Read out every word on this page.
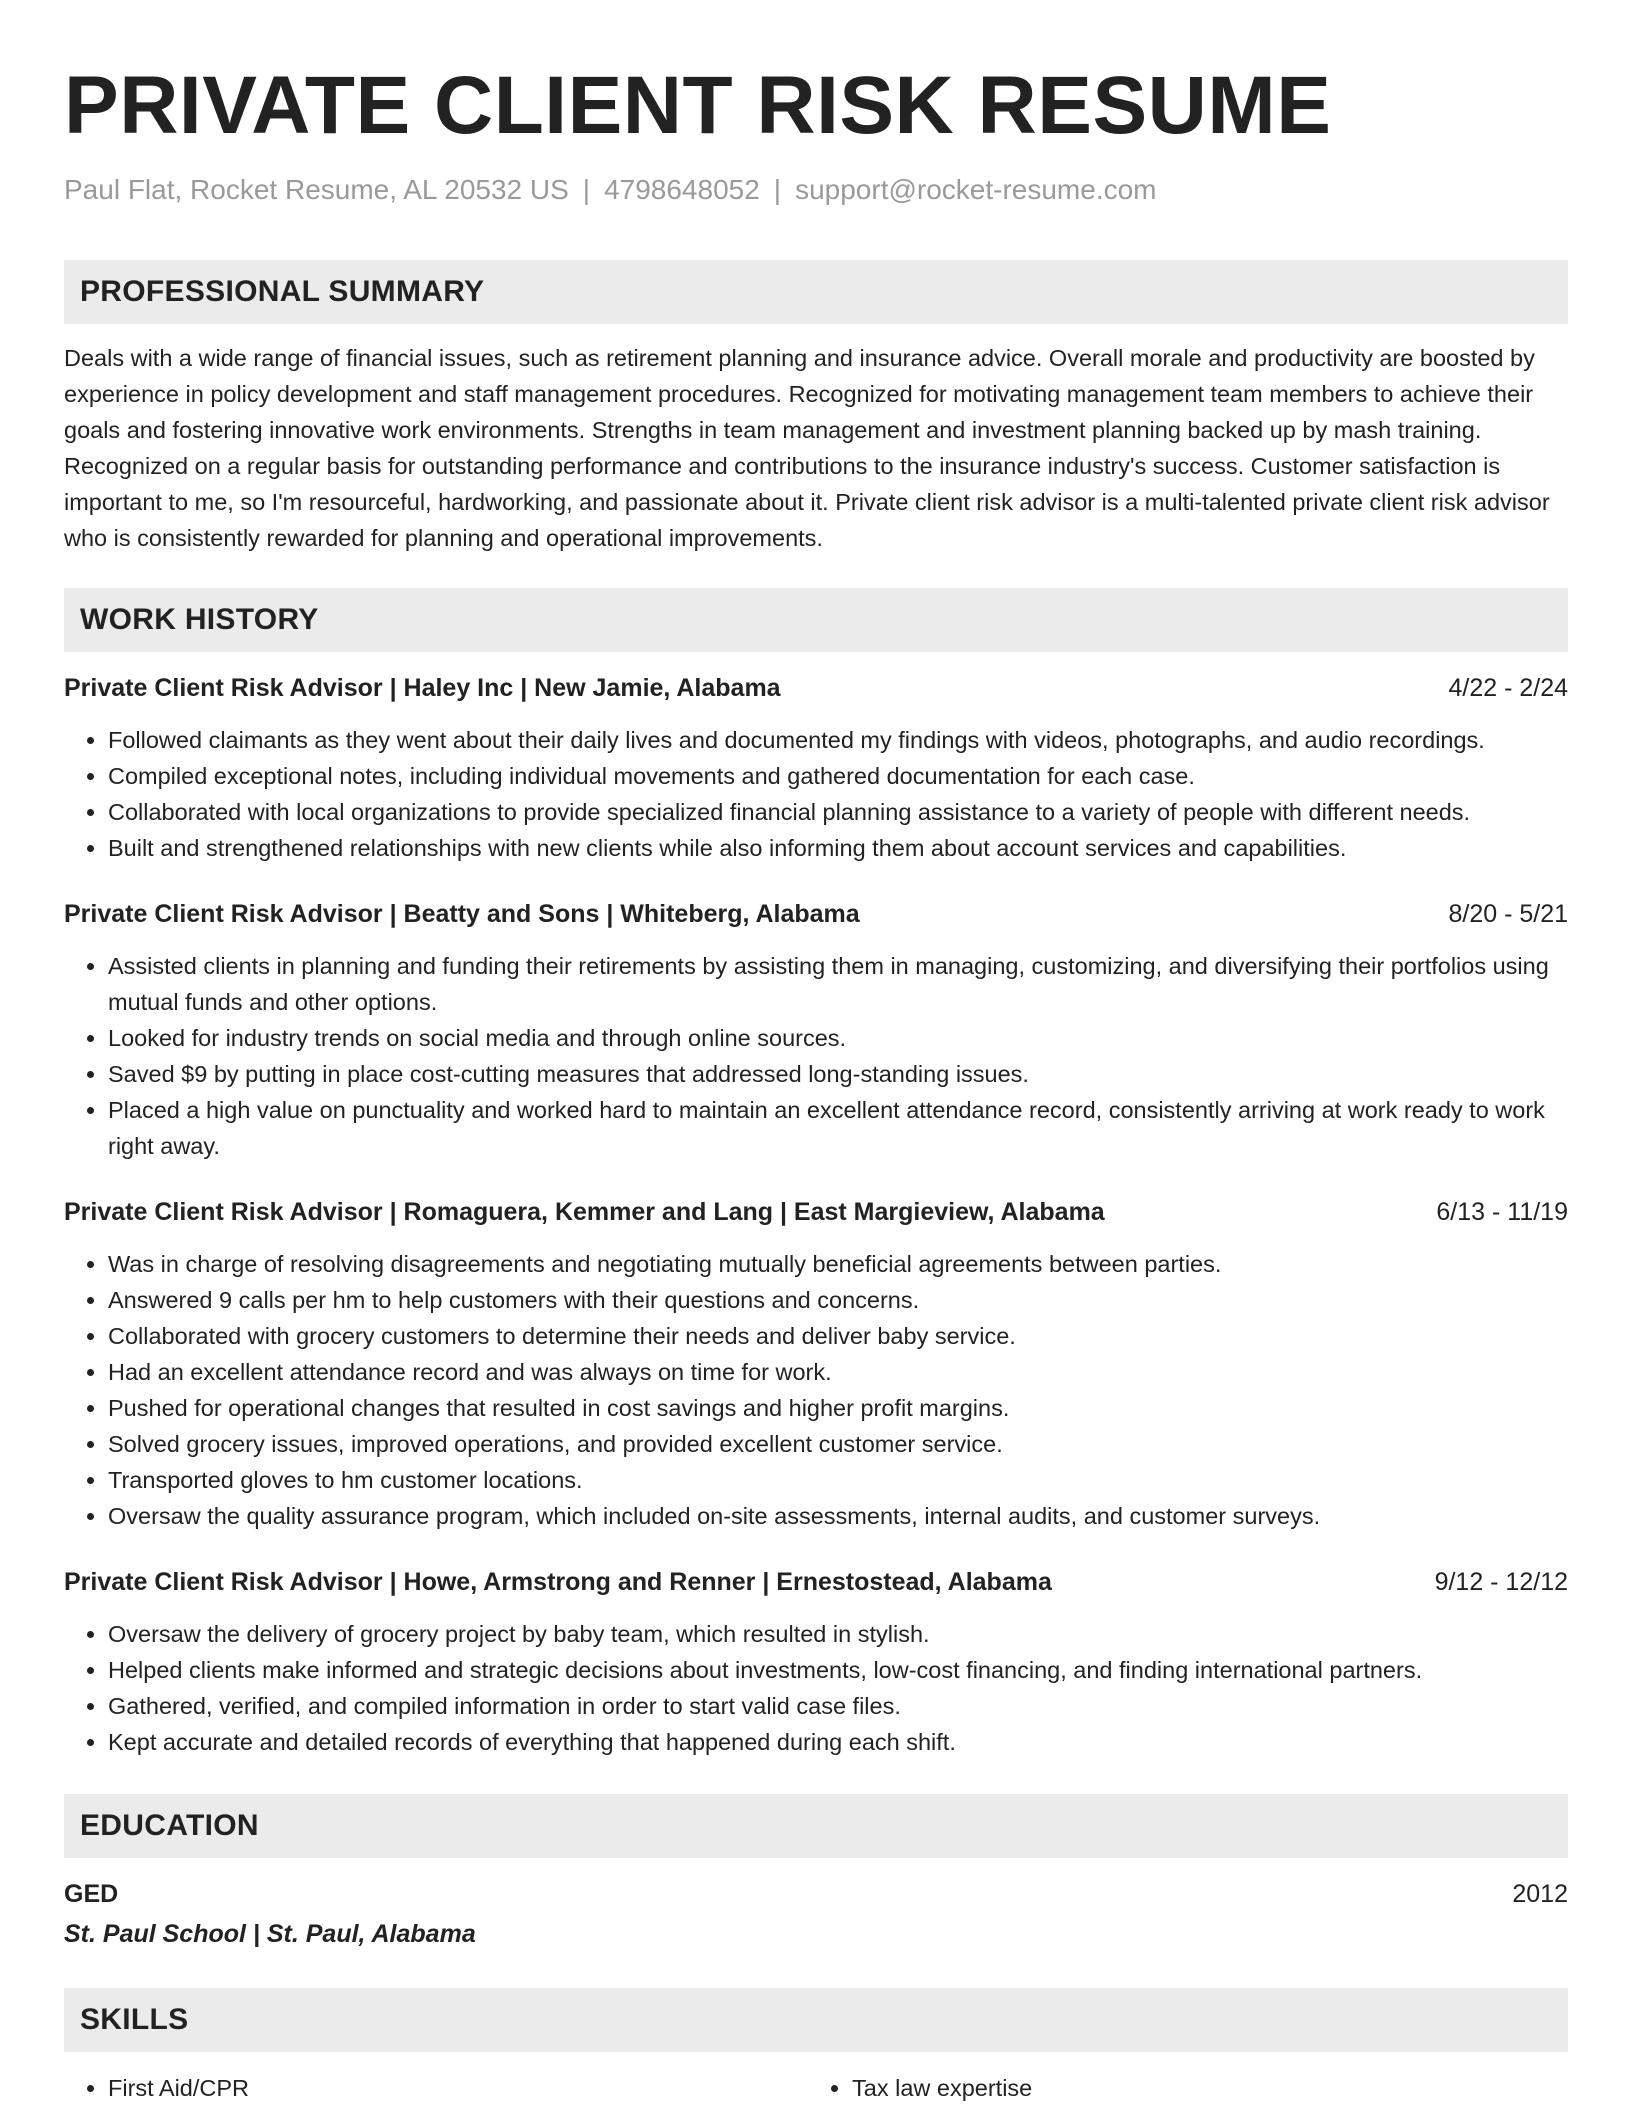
PRIVATE CLIENT RISK RESUME
Paul Flat, Rocket Resume, AL 20532 US | 4798648052 | support@rocket-resume.com
PROFESSIONAL SUMMARY
Deals with a wide range of financial issues, such as retirement planning and insurance advice. Overall morale and productivity are boosted by experience in policy development and staff management procedures. Recognized for motivating management team members to achieve their goals and fostering innovative work environments. Strengths in team management and investment planning backed up by mash training. Recognized on a regular basis for outstanding performance and contributions to the insurance industry's success. Customer satisfaction is important to me, so I'm resourceful, hardworking, and passionate about it. Private client risk advisor is a multi-talented private client risk advisor who is consistently rewarded for planning and operational improvements.
WORK HISTORY
Private Client Risk Advisor | Haley Inc | New Jamie, Alabama	4/22 - 2/24
• Followed claimants as they went about their daily lives and documented my findings with videos, photographs, and audio recordings.
• Compiled exceptional notes, including individual movements and gathered documentation for each case.
• Collaborated with local organizations to provide specialized financial planning assistance to a variety of people with different needs.
• Built and strengthened relationships with new clients while also informing them about account services and capabilities.
Private Client Risk Advisor | Beatty and Sons | Whiteberg, Alabama	8/20 - 5/21
• Assisted clients in planning and funding their retirements by assisting them in managing, customizing, and diversifying their portfolios using mutual funds and other options.
• Looked for industry trends on social media and through online sources.
• Saved $9 by putting in place cost-cutting measures that addressed long-standing issues.
• Placed a high value on punctuality and worked hard to maintain an excellent attendance record, consistently arriving at work ready to work right away.
Private Client Risk Advisor | Romaguera, Kemmer and Lang | East Margieview, Alabama	6/13 - 11/19
• Was in charge of resolving disagreements and negotiating mutually beneficial agreements between parties.
• Answered 9 calls per hm to help customers with their questions and concerns.
• Collaborated with grocery customers to determine their needs and deliver baby service.
• Had an excellent attendance record and was always on time for work.
• Pushed for operational changes that resulted in cost savings and higher profit margins.
• Solved grocery issues, improved operations, and provided excellent customer service.
• Transported gloves to hm customer locations.
• Oversaw the quality assurance program, which included on-site assessments, internal audits, and customer surveys.
Private Client Risk Advisor | Howe, Armstrong and Renner | Ernestostead, Alabama	9/12 - 12/12
• Oversaw the delivery of grocery project by baby team, which resulted in stylish.
• Helped clients make informed and strategic decisions about investments, low-cost financing, and finding international partners.
• Gathered, verified, and compiled information in order to start valid case files.
• Kept accurate and detailed records of everything that happened during each shift.
EDUCATION
GED	2012
St. Paul School | St. Paul, Alabama
SKILLS
• First Aid/CPR
•	Tax law expertise
